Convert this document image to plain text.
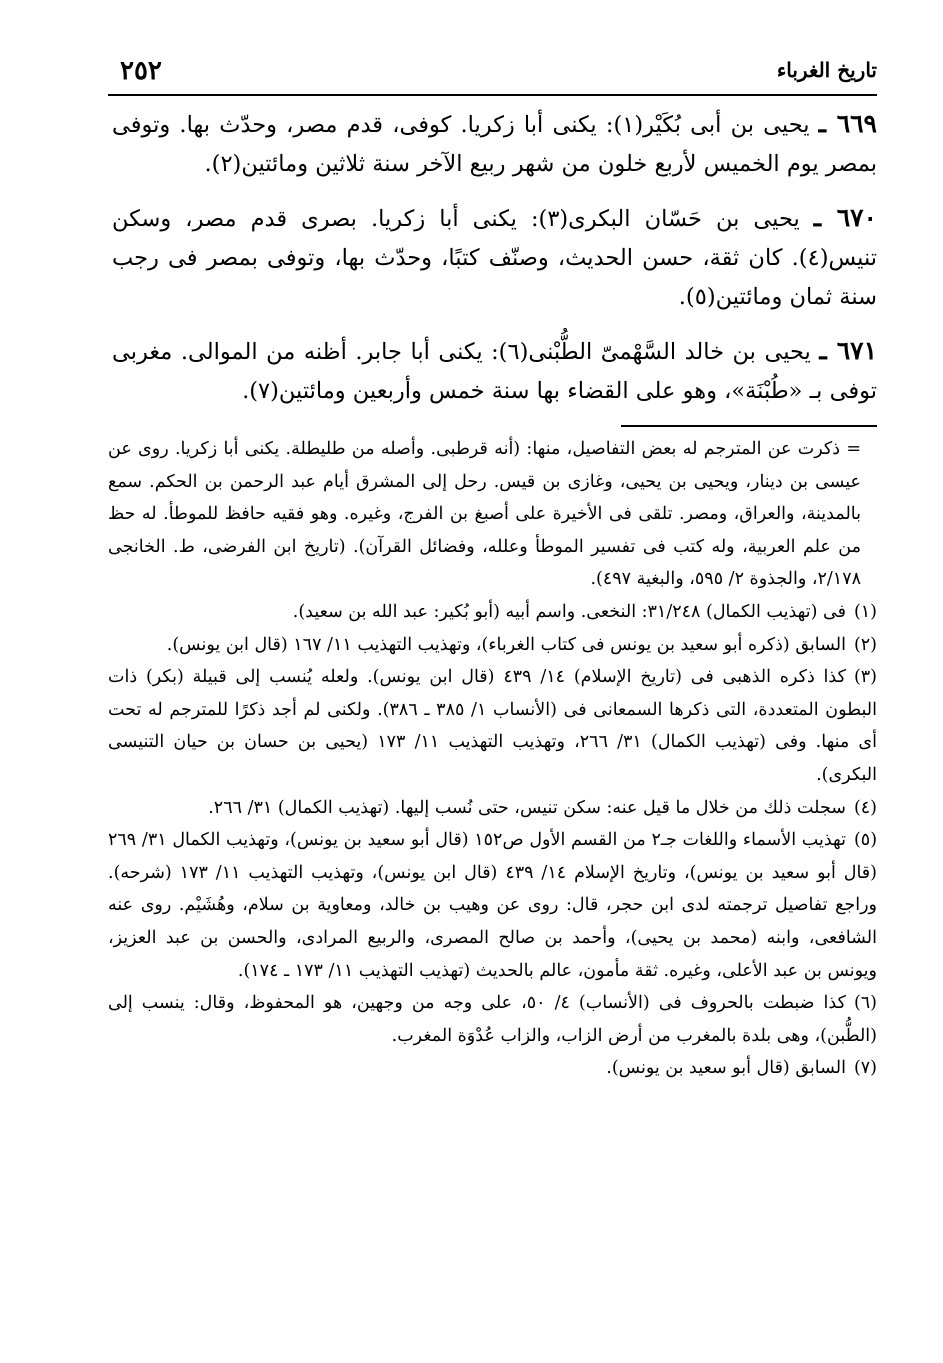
٢٥٢	تاريخ الغرباء

٦٦٩ ـ يحيى بن أبى بُكَيْر(١): يكنى أبا زكريا. كوفى، قدم مصر، وحدّث بها. وتوفى بمصر يوم الخميس لأربع خلون من شهر ربيع الآخر سنة ثلاثين ومائتين(٢).

٦٧٠ ـ يحيى بن حَسّان البكرى(٣): يكنى أبا زكريا. بصرى قدم مصر، وسكن تنيس(٤). كان ثقة، حسن الحديث، وصنّف كتبًا، وحدّث بها، وتوفى بمصر فى رجب سنة ثمان ومائتين(٥).

٦٧١ ـ يحيى بن خالد السَّهْمىّ الطُّبْنى(٦): يكنى أبا جابر. أظنه من الموالى. مغربى توفى بـ «طُبْنَة»، وهو على القضاء بها سنة خمس وأربعين ومائتين(٧).

= ذكرت عن المترجم له بعض التفاصيل، منها: (أنه قرطبى. وأصله من طليطلة. يكنى أبا زكريا. روى عن عيسى بن دينار، ويحيى بن يحيى، وغازى بن قيس. رحل إلى المشرق أيام عبد الرحمن بن الحكم. سمع بالمدينة، والعراق، ومصر. تلقى فى الأخيرة على أصبغ بن الفرج، وغيره. وهو فقيه حافظ للموطأ. له حظ من علم العربية، وله كتب فى تفسير الموطأ وعلله، وفضائل القرآن). (تاريخ ابن الفرضى، ط. الخانجى ٢/١٧٨، والجذوة ٢/ ٥٩٥، والبغية ٤٩٧).

(١)فى (تهذيب الكمال) ٣١/٢٤٨: النخعى. واسم أبيه (أبو بُكير: عبد الله بن سعيد).

(٢)السابق (ذكره أبو سعيد بن يونس فى كتاب الغرباء)، وتهذيب التهذيب ١١/ ١٦٧ (قال ابن يونس).

(٣)كذا ذكره الذهبى فى (تاريخ الإسلام) ١٤/ ٤٣٩ (قال ابن يونس). ولعله يُنسب إلى قبيلة (بكر) ذات البطون المتعددة، التى ذكرها السمعانى فى (الأنساب ١/ ٣٨٥ ـ ٣٨٦). ولكنى لم أجد ذكرًا للمترجم له تحت أى منها. وفى (تهذيب الكمال) ٣١/ ٢٦٦، وتهذيب التهذيب ١١/ ١٧٣ (يحيى بن حسان بن حيان التنيسى البكرى).

(٤)سجلت ذلك من خلال ما قيل عنه: سكن تنيس، حتى نُسب إليها. (تهذيب الكمال) ٣١/ ٢٦٦.

(٥)تهذيب الأسماء واللغات جـ٢ من القسم الأول ص١٥٢ (قال أبو سعيد بن يونس)، وتهذيب الكمال ٣١/ ٢٦٩ (قال أبو سعيد بن يونس)، وتاريخ الإسلام ١٤/ ٤٣٩ (قال ابن يونس)، وتهذيب التهذيب ١١/ ١٧٣ (شرحه). وراجع تفاصيل ترجمته لدى ابن حجر، قال: روى عن وهيب بن خالد، ومعاوية بن سلام، وهُشَيْم. روى عنه الشافعى، وابنه (محمد بن يحيى)، وأحمد بن صالح المصرى، والربيع المرادى، والحسن بن عبد العزيز، ويونس بن عبد الأعلى، وغيره. ثقة مأمون، عالم بالحديث (تهذيب التهذيب ١١/ ١٧٣ ـ ١٧٤).

(٦)كذا ضبطت بالحروف فى (الأنساب) ٤/ ٥٠، على وجه من وجهين، هو المحفوظ، وقال: ينسب إلى (الطُّبن)، وهى بلدة بالمغرب من أرض الزاب، والزاب عُدْوَة المغرب.

(٧)السابق (قال أبو سعيد بن يونس).
